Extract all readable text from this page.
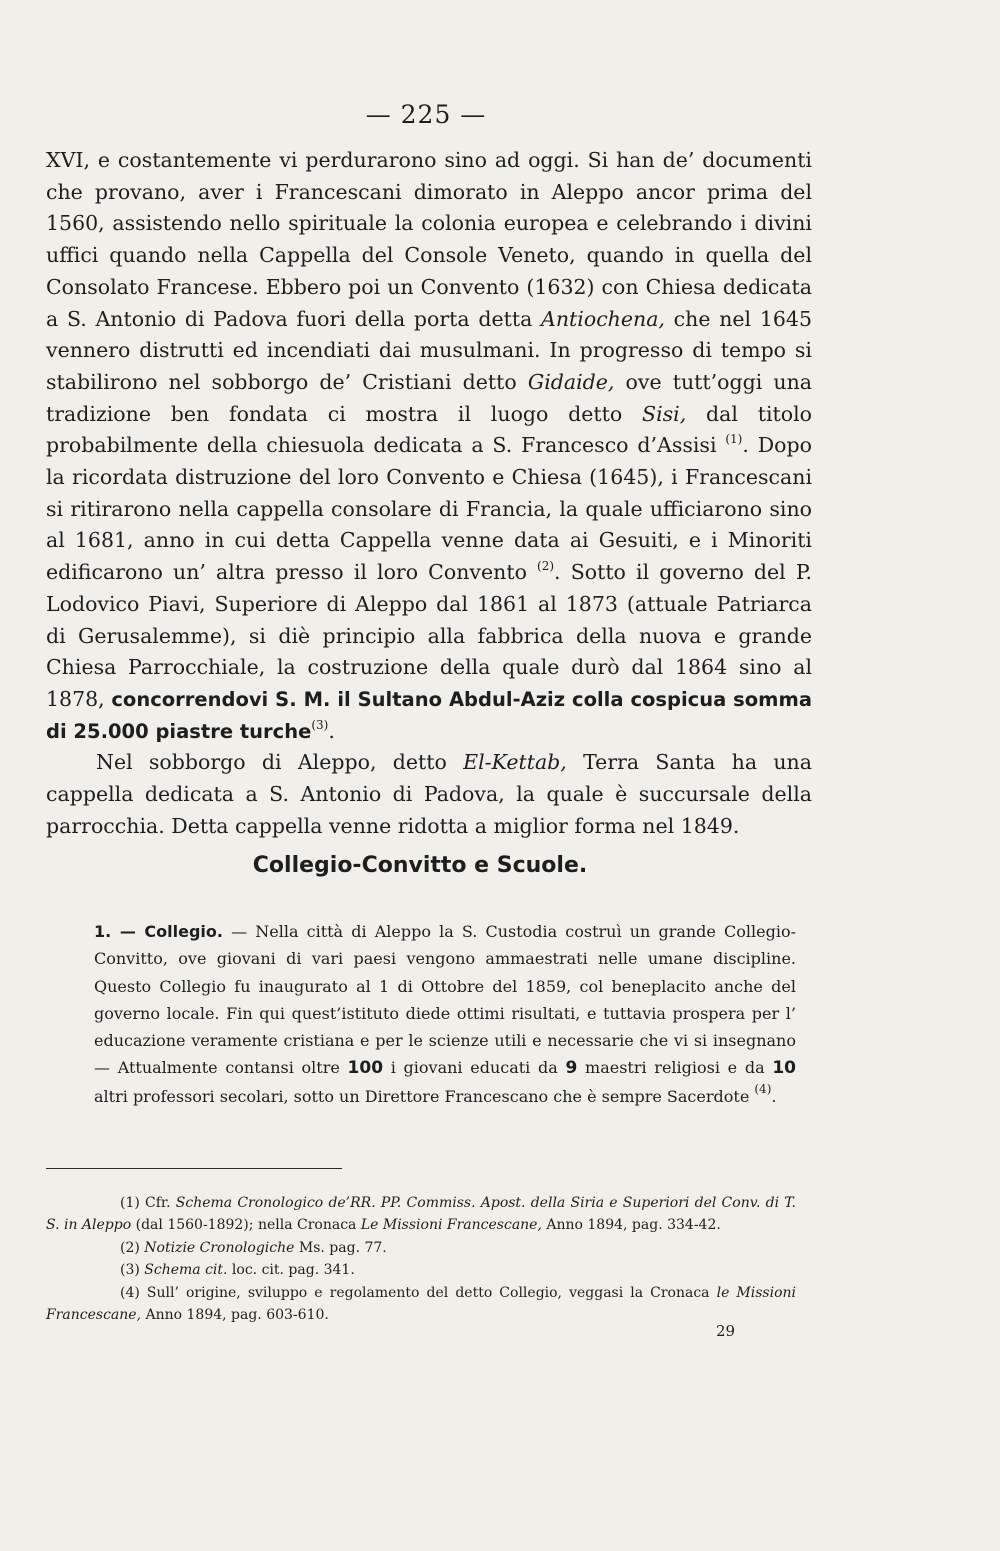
— 225 —

XVI, e costantemente vi perdurarono sino ad oggi. Si han de’ documenti che provano, aver i Francescani dimorato in Aleppo ancor prima del 1560, assistendo nello spirituale la colonia europea e celebrando i divini uffici quando nella Cappella del Console Veneto, quando in quella del Consolato Francese. Ebbero poi un Convento (1632) con Chiesa dedicata a S. Antonio di Padova fuori della porta detta Antiochena, che nel 1645 vennero distrutti ed incendiati dai musulmani. In progresso di tempo si stabilirono nel sobborgo de’ Cristiani detto Gidaide, ove tutt’oggi una tradizione ben fondata ci mostra il luogo detto Sisi, dal titolo probabilmente della chiesuola dedicata a S. Francesco d’Assisi $^{(1)}$. Dopo la ricordata distruzione del loro Convento e Chiesa (1645), i Francescani si ritirarono nella cappella consolare di Francia, la quale ufficiarono sino al 1681, anno in cui detta Cappella venne data ai Gesuiti, e i Minoriti edificarono un’ altra presso il loro Convento $^{(2)}$. Sotto il governo del P. Lodovico Piavi, Superiore di Aleppo dal 1861 al 1873 (attuale Patriarca di Gerusalemme), si diè principio alla fabbrica della nuova e grande Chiesa Parrocchiale, la costruzione della quale durò dal 1864 sino al 1878, concorrendovi S. M. il Sultano Abdul-Aziz colla cospicua somma di 25.000 piastre turche$^{(3)}$.

Nel sobborgo di Aleppo, detto El-Kettab, Terra Santa ha una cappella dedicata a S. Antonio di Padova, la quale è succursale della parrocchia. Detta cappella venne ridotta a miglior forma nel 1849.

Collegio-Convitto e Scuole.

1. — Collegio. — Nella città di Aleppo la S. Custodia costruì un grande Collegio-Convitto, ove giovani di vari paesi vengono ammaestrati nelle umane discipline. Questo Collegio fu inaugurato al 1 di Ottobre del 1859, col beneplacito anche del governo locale. Fin qui quest’istituto diede ottimi risultati, e tuttavia prospera per l’ educazione veramente cristiana e per le scienze utili e necessarie che vi si insegnano — Attualmente contansi oltre 100 i giovani educati da 9 maestri religiosi e da 10 altri professori secolari, sotto un Direttore Francescano che è sempre Sacerdote $^{(4)}$.

(1) Cfr. Schema Cronologico de’RR. PP. Commiss. Apost. della Siria e Superiori del Conv. di T. S. in Aleppo (dal 1560-1892); nella Cronaca Le Missioni Francescane, Anno 1894, pag. 334-42.

(2) Notizie Cronologiche Ms. pag. 77.

(3) Schema cit. loc. cit. pag. 341.

(4) Sull’ origine, sviluppo e regolamento del detto Collegio, veggasi la Cronaca le Missioni Francescane, Anno 1894, pag. 603-610.

29
